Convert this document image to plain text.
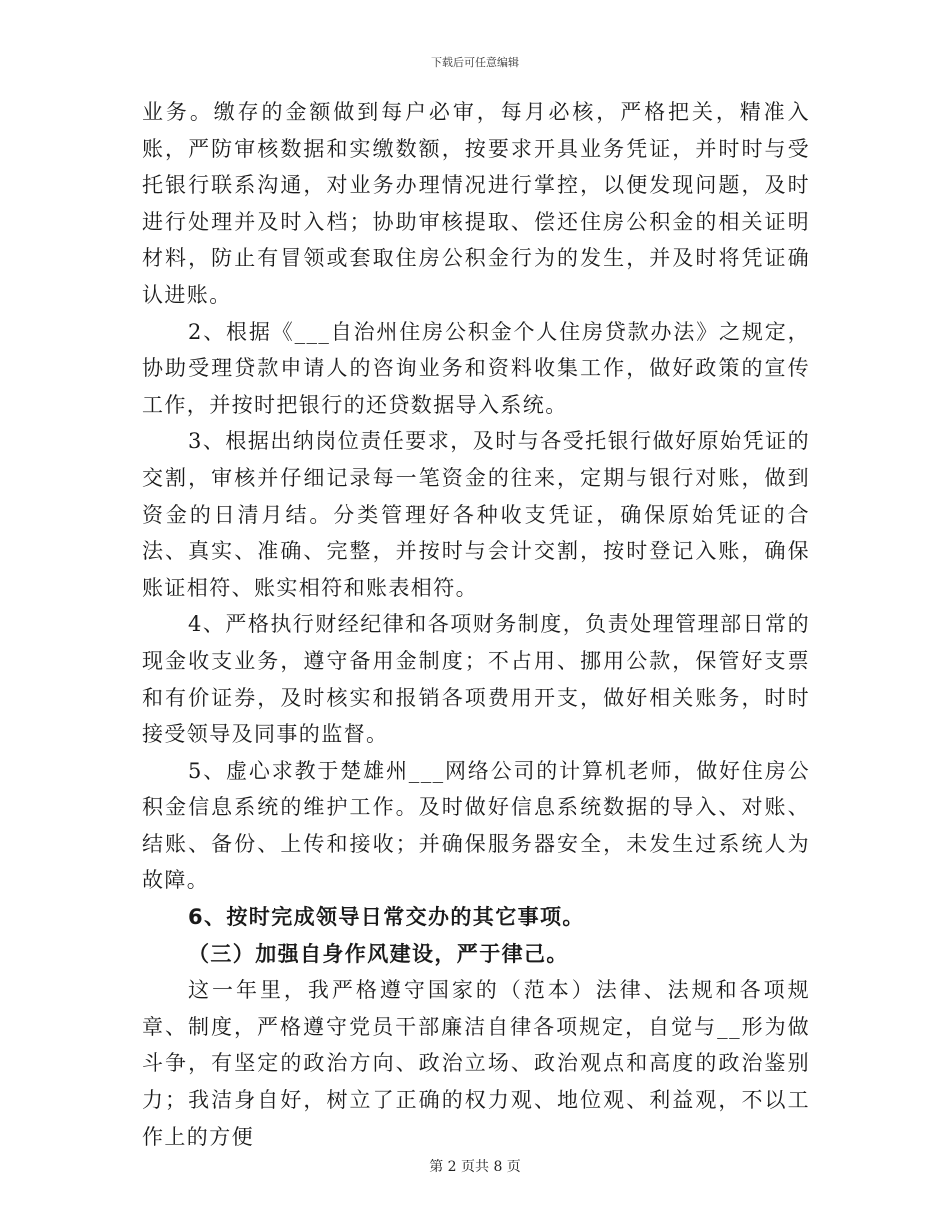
下载后可任意编辑

业务。缴存的金额做到每户必审，每月必核，严格把关，精准入账，严防审核数据和实缴数额，按要求开具业务凭证，并时时与受托银行联系沟通，对业务办理情况进行掌控，以便发现问题，及时进行处理并及时入档；协助审核提取、偿还住房公积金的相关证明材料，防止有冒领或套取住房公积金行为的发生，并及时将凭证确认进账。

2、根据《___自治州住房公积金个人住房贷款办法》之规定，协助受理贷款申请人的咨询业务和资料收集工作，做好政策的宣传工作，并按时把银行的还贷数据导入系统。

3、根据出纳岗位责任要求，及时与各受托银行做好原始凭证的交割，审核并仔细记录每一笔资金的往来，定期与银行对账，做到资金的日清月结。分类管理好各种收支凭证，确保原始凭证的合法、真实、准确、完整，并按时与会计交割，按时登记入账，确保账证相符、账实相符和账表相符。

4、严格执行财经纪律和各项财务制度，负责处理管理部日常的现金收支业务，遵守备用金制度；不占用、挪用公款，保管好支票和有价证券，及时核实和报销各项费用开支，做好相关账务，时时接受领导及同事的监督。

5、虚心求教于楚雄州___网络公司的计算机老师，做好住房公积金信息系统的维护工作。及时做好信息系统数据的导入、对账、结账、备份、上传和接收；并确保服务器安全，未发生过系统人为故障。

6、按时完成领导日常交办的其它事项。

（三）加强自身作风建设，严于律己。

这一年里，我严格遵守国家的（范本）法律、法规和各项规章、制度，严格遵守党员干部廉洁自律各项规定，自觉与__形为做斗争，有坚定的政治方向、政治立场、政治观点和高度的政治鉴别力；我洁身自好，树立了正确的权力观、地位观、利益观，不以工作上的方便

第 2 页共 8 页
